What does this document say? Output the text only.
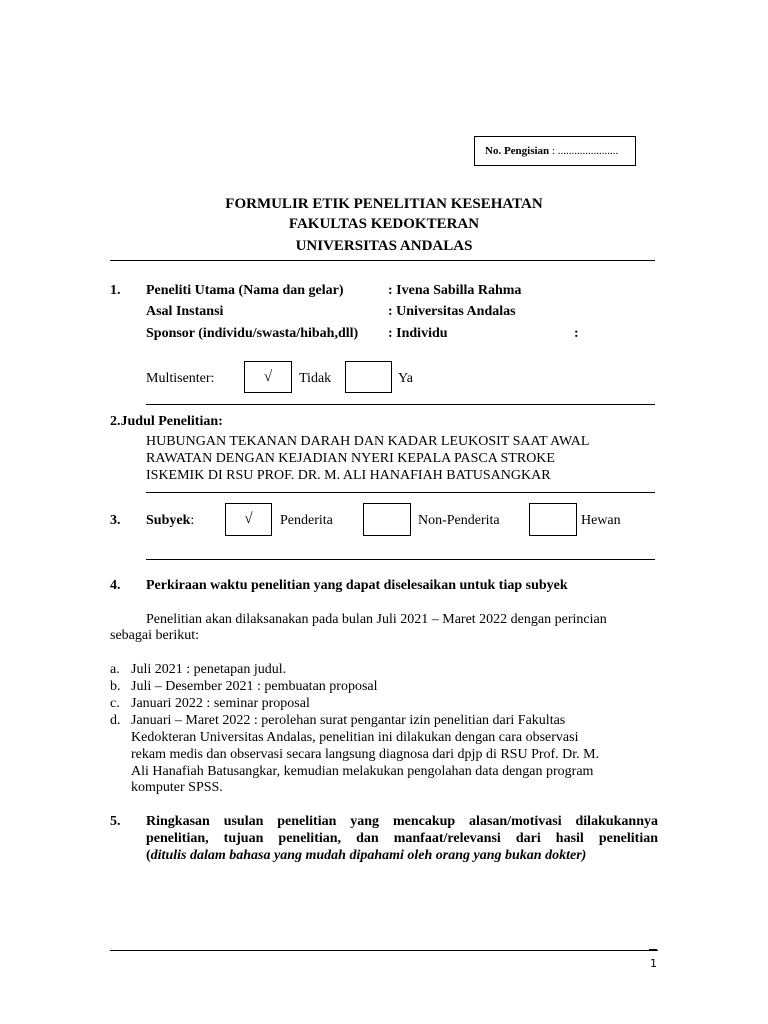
No. Pengisian : ......................
FORMULIR ETIK PENELITIAN KESEHATAN
FAKULTAS KEDOKTERAN
UNIVERSITAS ANDALAS
1. Peneliti Utama (Nama dan gelar)	: Ivena Sabilla Rahma
Asal Instansi	: Universitas Andalas
Sponsor (individu/swasta/hibah,dll) : Individu	:
Multisenter:	√	Tidak	Ya
2.Judul Penelitian:
HUBUNGAN TEKANAN DARAH DAN KADAR LEUKOSIT SAAT AWAL
RAWATAN DENGAN KEJADIAN NYERI KEPALA PASCA STROKE
ISKEMIK DI RSU PROF. DR. M. ALI HANAFIAH BATUSANGKAR
3. Subyek:	√	Penderita	Non-Penderita	Hewan
4. Perkiraan waktu penelitian yang dapat diselesaikan untuk tiap subyek
Penelitian akan dilaksanakan pada bulan Juli 2021 – Maret 2022 dengan perincian
sebagai berikut:
a. Juli 2021 : penetapan judul.
b. Juli – Desember 2021 : pembuatan proposal
c. Januari 2022 : seminar proposal
d. Januari – Maret 2022 : perolehan surat pengantar izin penelitian dari Fakultas
Kedokteran Universitas Andalas, penelitian ini dilakukan dengan cara observasi
rekam medis dan observasi secara langsung diagnosa dari dpjp di RSU Prof. Dr. M.
Ali Hanafiah Batusangkar, kemudian melakukan pengolahan data dengan program
komputer SPSS.
5. Ringkasan usulan penelitian yang mencakup alasan/motivasi dilakukannya
penelitian, tujuan penelitian, dan manfaat/relevansi dari hasil penelitian
(ditulis dalam bahasa yang mudah dipahami oleh orang yang bukan dokter)
1
